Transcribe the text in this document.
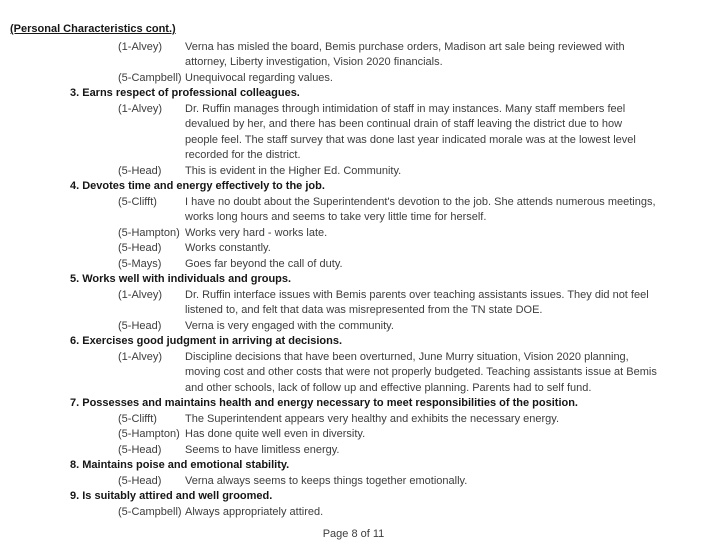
(Personal Characteristics cont.)
(1-Alvey)	Verna has misled the board, Bemis purchase orders, Madison art sale being reviewed with attorney, Liberty investigation, Vision 2020 financials.
(5-Campbell) Unequivocal regarding values.
3. Earns respect of professional colleagues.
(1-Alvey)	Dr. Ruffin manages through intimidation of staff in may instances. Many staff members feel devalued by her, and there has been continual drain of staff leaving the district due to how people feel. The staff survey that was done last year indicated morale was at the lowest level recorded for the district.
(5-Head)	This is evident in the Higher Ed. Community.
4. Devotes time and energy effectively to the job.
(5-Clifft)	I have no doubt about the Superintendent's devotion to the job. She attends numerous meetings, works long hours and seems to take very little time for herself.
(5-Hampton) Works very hard - works late.
(5-Head)	Works constantly.
(5-Mays)	Goes far beyond the call of duty.
5. Works well with individuals and groups.
(1-Alvey)	Dr. Ruffin interface issues with Bemis parents over teaching assistants issues. They did not feel listened to, and felt that data was misrepresented from the TN state DOE.
(5-Head)	Verna is very engaged with the community.
6. Exercises good judgment in arriving at decisions.
(1-Alvey)	Discipline decisions that have been overturned, June Murry situation, Vision 2020 planning, moving cost and other costs that were not properly budgeted. Teaching assistants issue at Bemis and other schools, lack of follow up and effective planning. Parents had to self fund.
7. Possesses and maintains health and energy necessary to meet responsibilities of the position.
(5-Clifft)	The Superintendent appears very healthy and exhibits the necessary energy.
(5-Hampton) Has done quite well even in diversity.
(5-Head)	Seems to have limitless energy.
8. Maintains poise and emotional stability.
(5-Head)	Verna always seems to keeps things together emotionally.
9. Is suitably attired and well groomed.
(5-Campbell) Always appropriately attired.
Page 8 of 11
